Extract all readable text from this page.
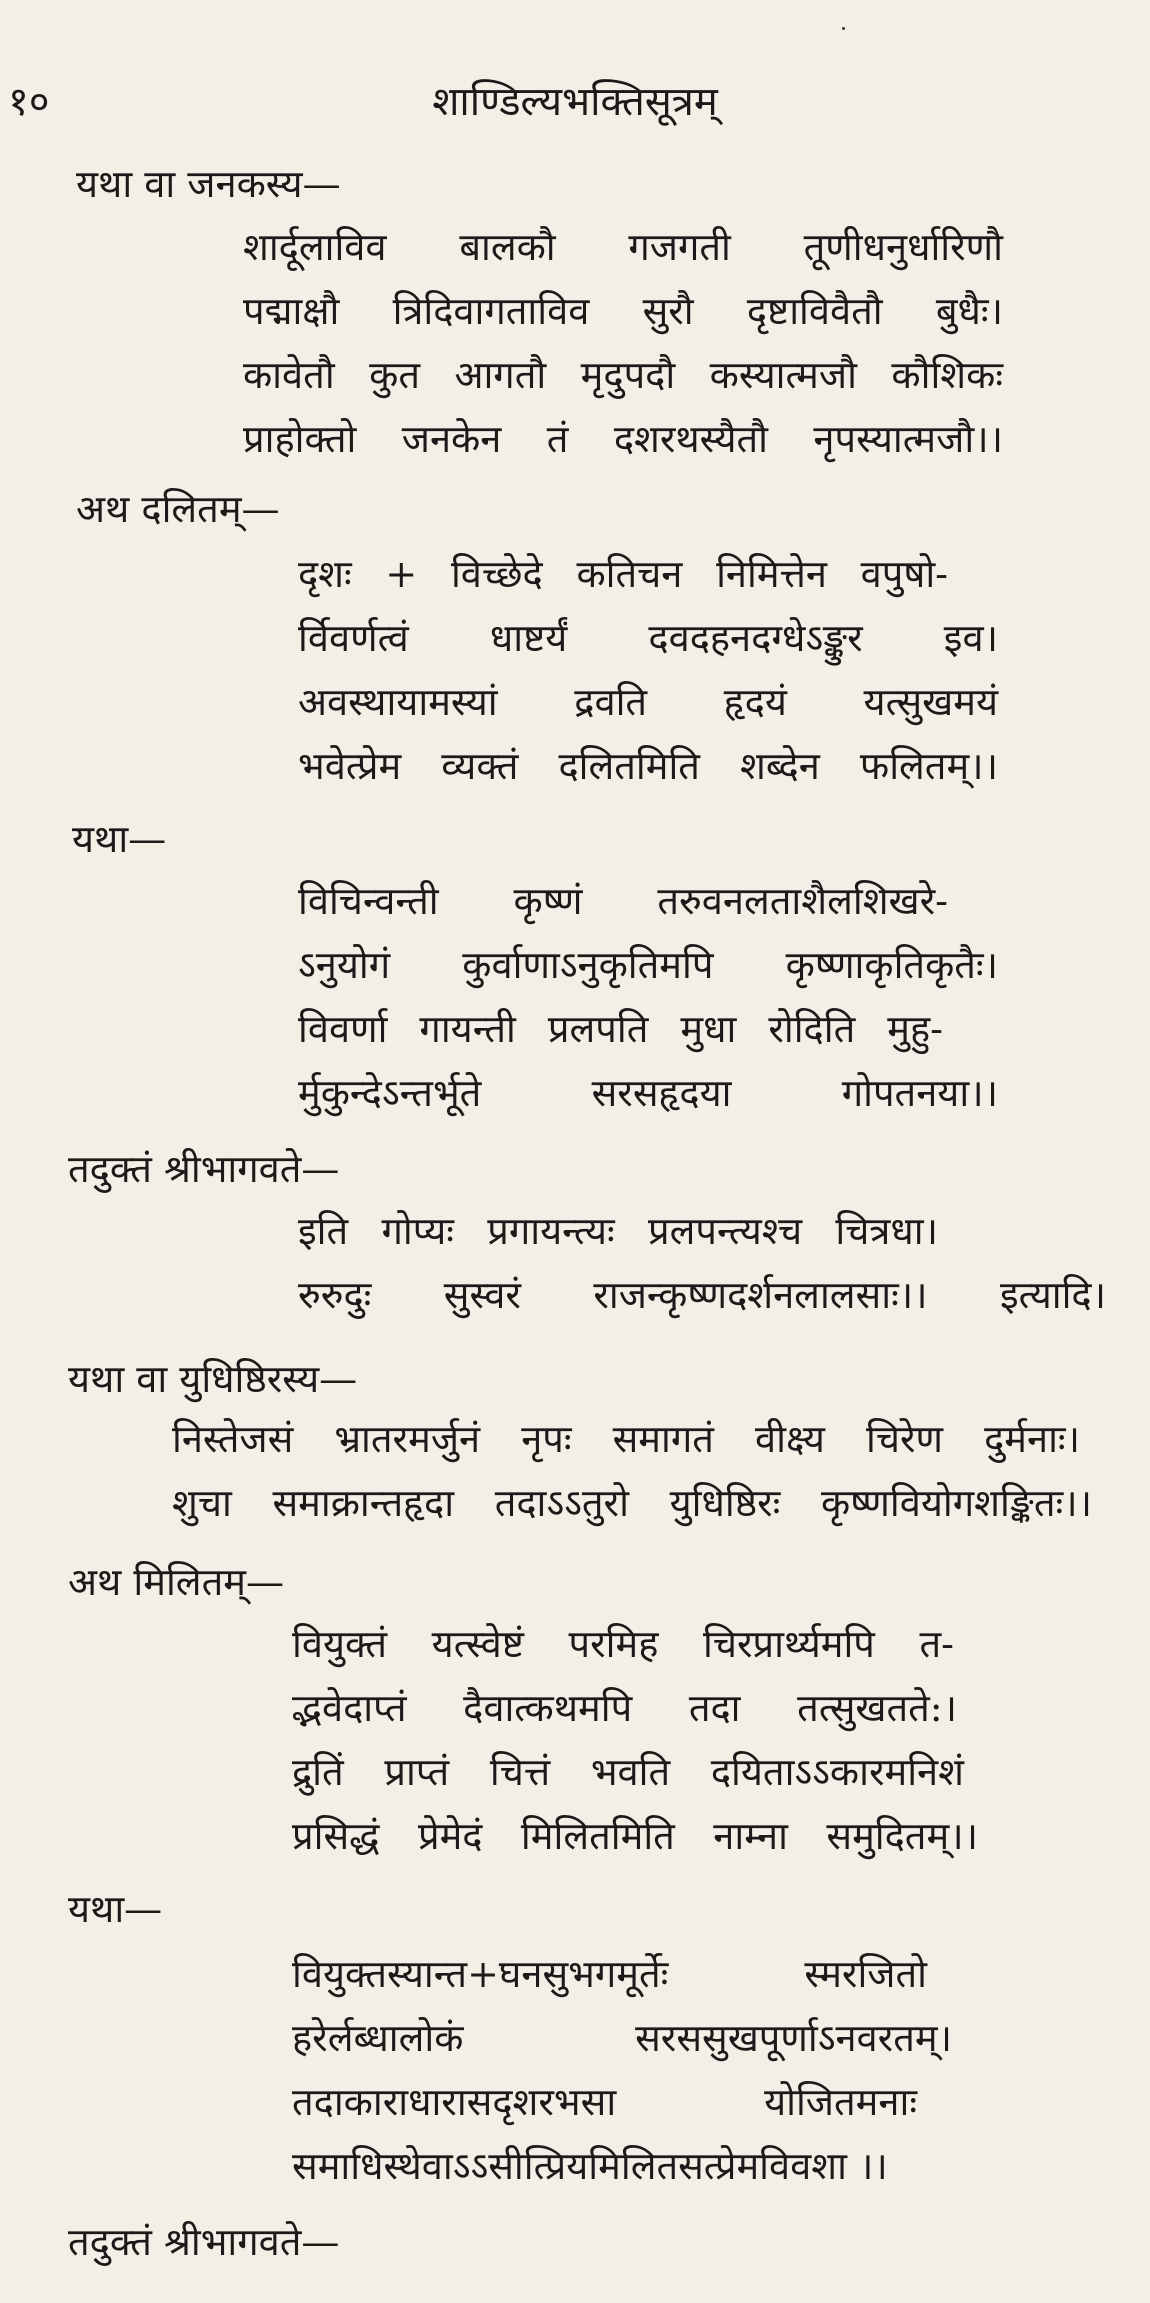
१०	शाण्डिल्यभक्तिसूत्रम्
यथा वा जनकस्य—
शार्दूलाविव बालकौ गजगती तूणीधनुर्धारिणौ
पद्माक्षौ त्रिदिवागताविव सुरौ दृष्टाविवैतौ बुधैः।
कावेतौ कुत आगतौ मृदुपदौ कस्यात्मजौ कौशिकः
प्राहोक्तो जनकेन तं दशरथस्यैतौ नृपस्यात्मजौ।।
अथ दलितम्—
दृशः + विच्छेदे कतिचन निमित्तेन वपुषो-
र्विवर्णत्वं धाष्टर्यं दवदहनदग्धेऽङ्कुर इव।
अवस्थायामस्यां द्रवति हृदयं यत्सुखमयं
भवेत्प्रेम व्यक्तं दलितमिति शब्देन फलितम्।।
यथा—
विचिन्वन्ती कृष्णं तरुवनलताशैलशिखरे-
ऽनुयोगं कुर्वाणाऽनुकृतिमपि कृष्णाकृतिकृतैः।
विवर्णा गायन्ती प्रलपति मुधा रोदिति मुहु-
र्मुकुन्देऽन्तर्भूते सरसहृदया गोपतनया।।
तदुक्तं श्रीभागवते—
इति गोप्यः प्रगायन्त्यः प्रलपन्त्यश्च चित्रधा।
रुरुदुः सुस्वरं राजन्कृष्णदर्शनलालसाः।। इत्यादि।
यथा वा युधिष्ठिरस्य—
निस्तेजसं भ्रातरमर्जुनं नृपः समागतं वीक्ष्य चिरेण दुर्मनाः।
शुचा समाक्रान्तहृदा तदाऽऽतुरो युधिष्ठिरः कृष्णवियोगशङ्कितः।।
अथ मिलितम्—
वियुक्तं यत्स्वेष्टं परमिह चिरप्रार्थ्यमपि त-
द्भवेदाप्तं दैवात्कथमपि तदा तत्सुखतते:।
द्रुतिं प्राप्तं चित्तं भवति दयिताऽऽकारमनिशं
प्रसिद्धं प्रेमेदं मिलितमिति नाम्ना समुदितम्।।
यथा—
वियुक्तस्यान्त+घनसुभगमूर्तेः स्मरजितो
हरेर्लब्धालोकं सरससुखपूर्णाऽनवरतम्।
तदाकाराधारासदृशरभसा योजितमनाः
समाधिस्थेवाऽऽसीत्प्रियमिलितसत्प्रेमविवशा ।।
तदुक्तं श्रीभागवते—
